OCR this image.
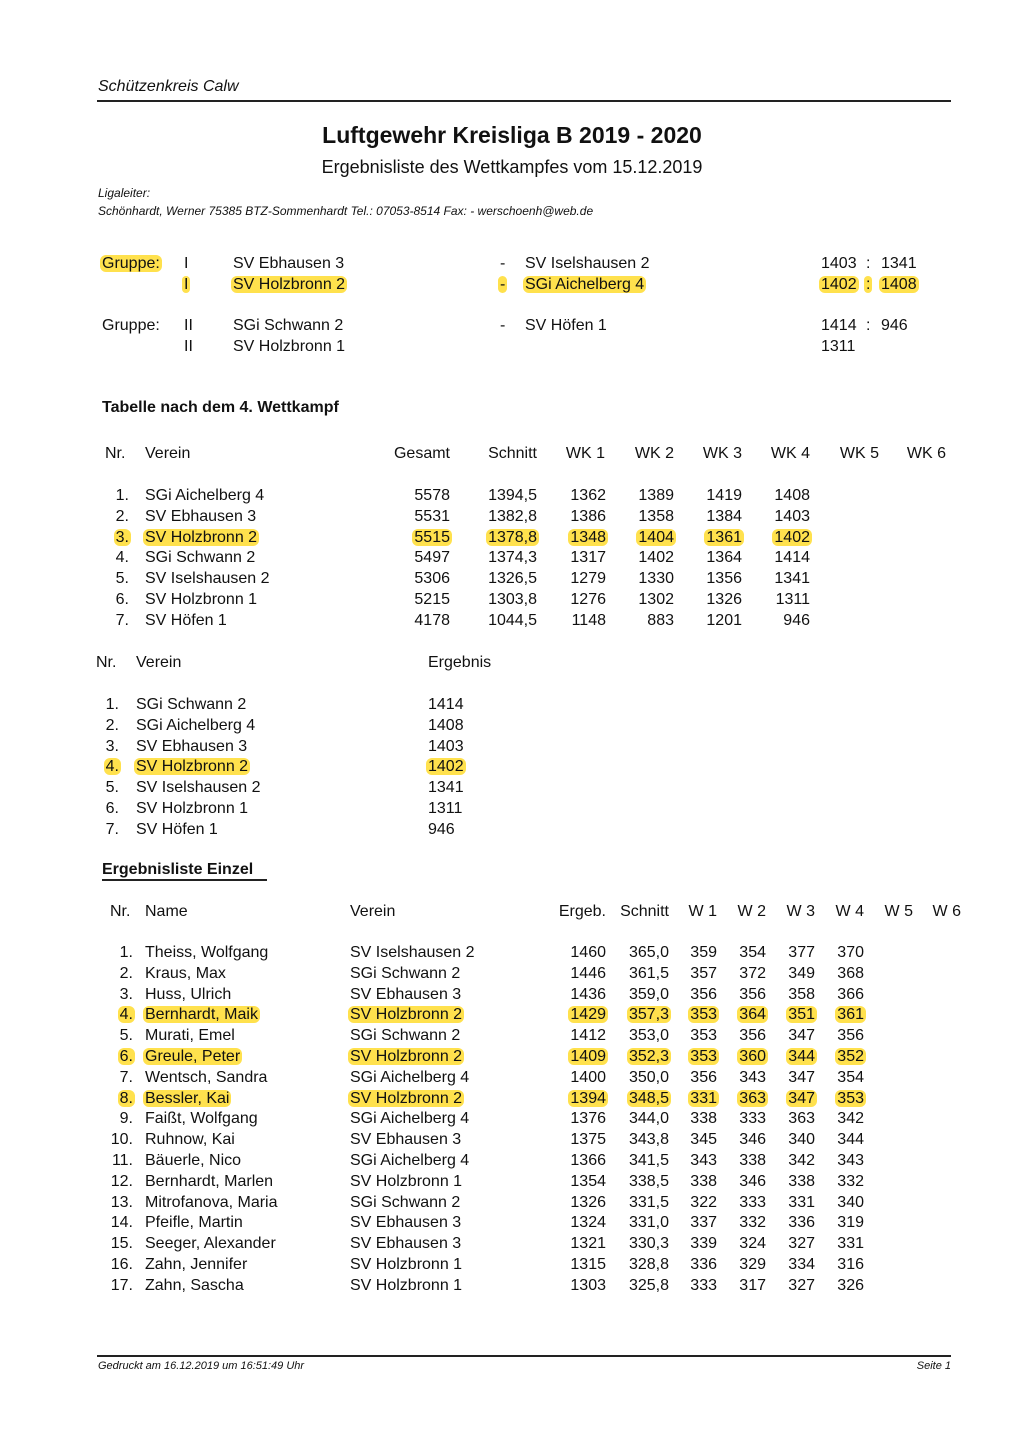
Schützenkreis Calw
Luftgewehr Kreisliga B 2019 - 2020
Ergebnisliste des Wettkampfes vom 15.12.2019
Ligaleiter:
Schönhardt, Werner 75385 BTZ-Sommenhardt Tel.: 07053-8514 Fax: - werschoenh@web.de
Gruppe: I	SV Ebhausen 3	- SV Iselshausen 2	1403 : 1341
I	SV Holzbronn 2	- SGi Aichelberg 4	1402 : 1408
Gruppe: II	SGi Schwann 2	- SV Höfen 1	1414 : 946
II	SV Holzbronn 1	1311
Tabelle nach dem 4. Wettkampf
Nr. Verein	Gesamt Schnitt WK 1 WK 2 WK 3 WK 4 WK 5 WK 6
1. SGi Aichelberg 4	5578 1394,5 1362 1389 1419 1408
2. SV Ebhausen 3	5531 1382,8 1386 1358 1384 1403
3. SV Holzbronn 2	5515 1378,8 1348 1404 1361 1402
4. SGi Schwann 2	5497 1374,3 1317 1402 1364 1414
5. SV Iselshausen 2	5306 1326,5 1279 1330 1356 1341
6. SV Holzbronn 1	5215 1303,8 1276 1302 1326 1311
7. SV Höfen 1	4178 1044,5 1148	883 1201	946
Nr. Verein	Ergebnis
1. SGi Schwann 2	1414
2. SGi Aichelberg 4	1408
3. SV Ebhausen 3	1403
4. SV Holzbronn 2	1402
5. SV Iselshausen 2	1341
6. SV Holzbronn 1	1311
7. SV Höfen 1	946
Ergebnisliste Einzel
Nr. Name	Verein	Ergeb. Schnitt W 1 W 2 W 3 W 4 W 5 W 6
1. Theiss, Wolfgang	SV Iselshausen 2	1460 365,0 359 354 377 370
2. Kraus, Max	SGi Schwann 2	1446 361,5 357 372 349 368
3. Huss, Ulrich	SV Ebhausen 3	1436 359,0 356 356 358 366
4. Bernhardt, Maik	SV Holzbronn 2	1429 357,3 353 364 351 361
5. Murati, Emel	SGi Schwann 2	1412 353,0 353 356 347 356
6. Greule, Peter	SV Holzbronn 2	1409 352,3 353 360 344 352
7. Wentsch, Sandra	SGi Aichelberg 4	1400 350,0 356 343 347 354
8. Bessler, Kai	SV Holzbronn 2	1394 348,5 331 363 347 353
9. Faißt, Wolfgang	SGi Aichelberg 4	1376 344,0 338 333 363 342
10. Ruhnow, Kai	SV Ebhausen 3	1375 343,8 345 346 340 344
11. Bäuerle, Nico	SGi Aichelberg 4	1366 341,5 343 338 342 343
12. Bernhardt, Marlen	SV Holzbronn 1	1354 338,5 338 346 338 332
13. Mitrofanova, Maria	SGi Schwann 2	1326 331,5 322 333 331 340
14. Pfeifle, Martin	SV Ebhausen 3	1324 331,0 337 332 336 319
15. Seeger, Alexander	SV Ebhausen 3	1321 330,3 339 324 327 331
16. Zahn, Jennifer	SV Holzbronn 1	1315 328,8 336 329 334 316
17. Zahn, Sascha	SV Holzbronn 1	1303 325,8 333 317 327 326
Gedruckt am 16.12.2019 um 16:51:49 Uhr	Seite 1
